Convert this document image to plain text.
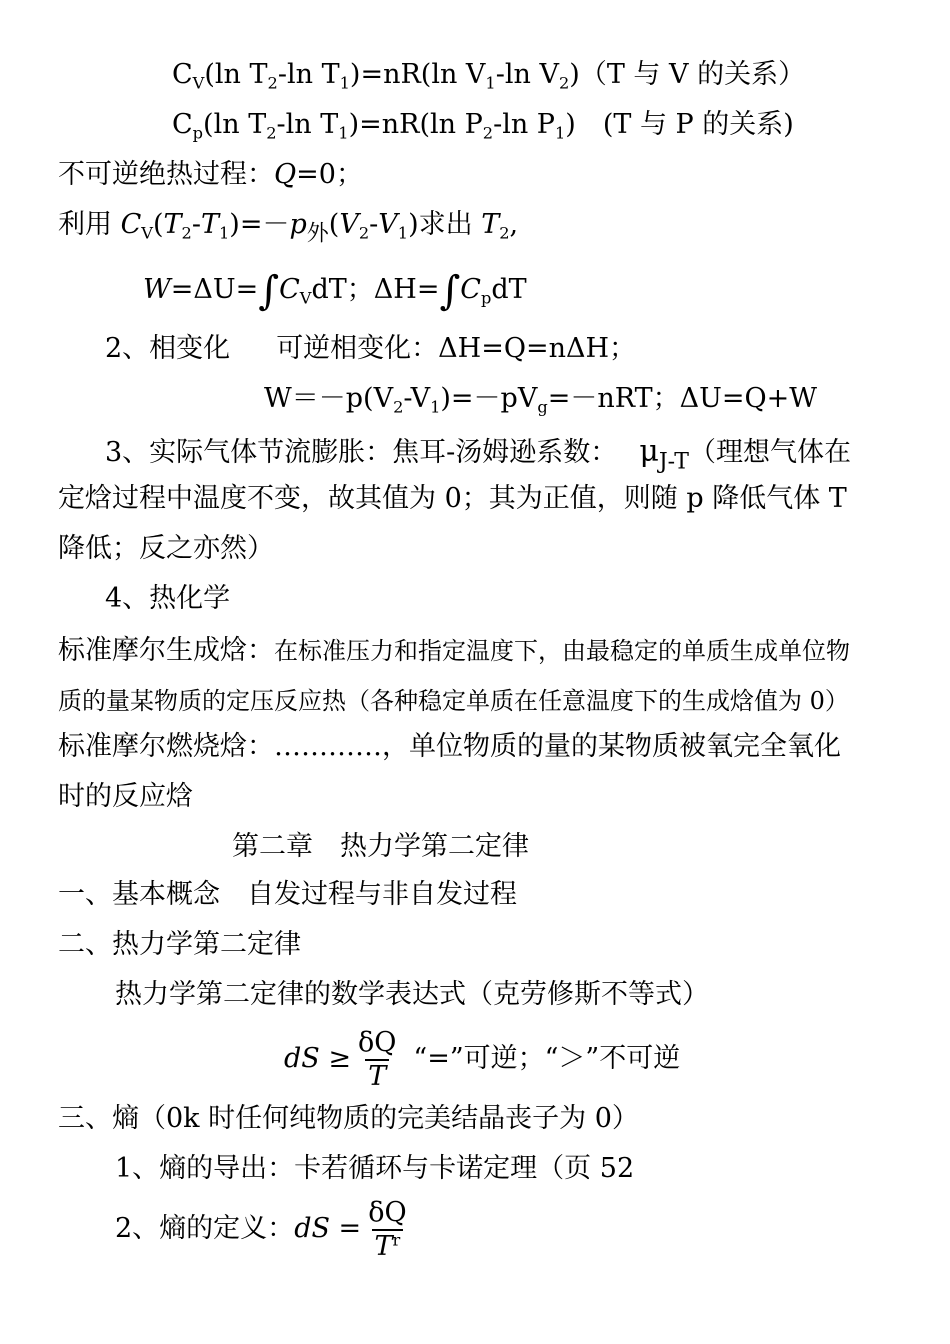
$C_V(\ln$ $T_2-\ln$ $T_1)=nR(\ln$ $V_1-\ln$ $V_2)(T$ 与 V 的关系）
$C_p(\ln$ $T_2-\ln$ $T_1)=nR(\ln$ $P_2-\ln$ $P_1$)　(T 与 P 的关系)
不可逆绝热过程：Q=0；
利用 $C_V(T_2-T_1)=-p_外(V_2-V_1)$求出 $T_2$,
$W=\Delta U=\int C_VdT$；$\Delta H=\int C_pdT$
2、相变化 可逆相变化：ΔH=Q=nΔH；
$W=-p(V_2-V_1)=-pV_g=-nRT$；ΔU=Q+W
3、实际气体节流膨胀：焦耳-汤姆逊系数： $\mu_{J-T}$（理想气体在
定焓过程中温度不变，故其值为 0；其为正值，则随 p 降低气体 T
降低；反之亦然）
4、热化学
标准摩尔生成焓：在标准压力和指定温度下，由最稳定的单质生成单位物
质的量某物质的定压反应热（各种稳定单质在任意温度下的生成焓值为 0）
标准摩尔燃烧焓：…………，单位物质的量的某物质被氧完全氧化
时的反应焓
第二章　热力学第二定律
一、基本概念　自发过程与非自发过程
二、热力学第二定律
热力学第二定律的数学表达式（克劳修斯不等式）
dS ≥ $\frac{\delta Q}{T}$ “=”可逆；“＞”不可逆
三、熵（0k 时任何纯物质的完美结晶丧子为 0）
1、熵的导出：卡若循环与卡诺定理（页 52
2、熵的定义：dS = $\frac{\delta Q}{T^r}$
